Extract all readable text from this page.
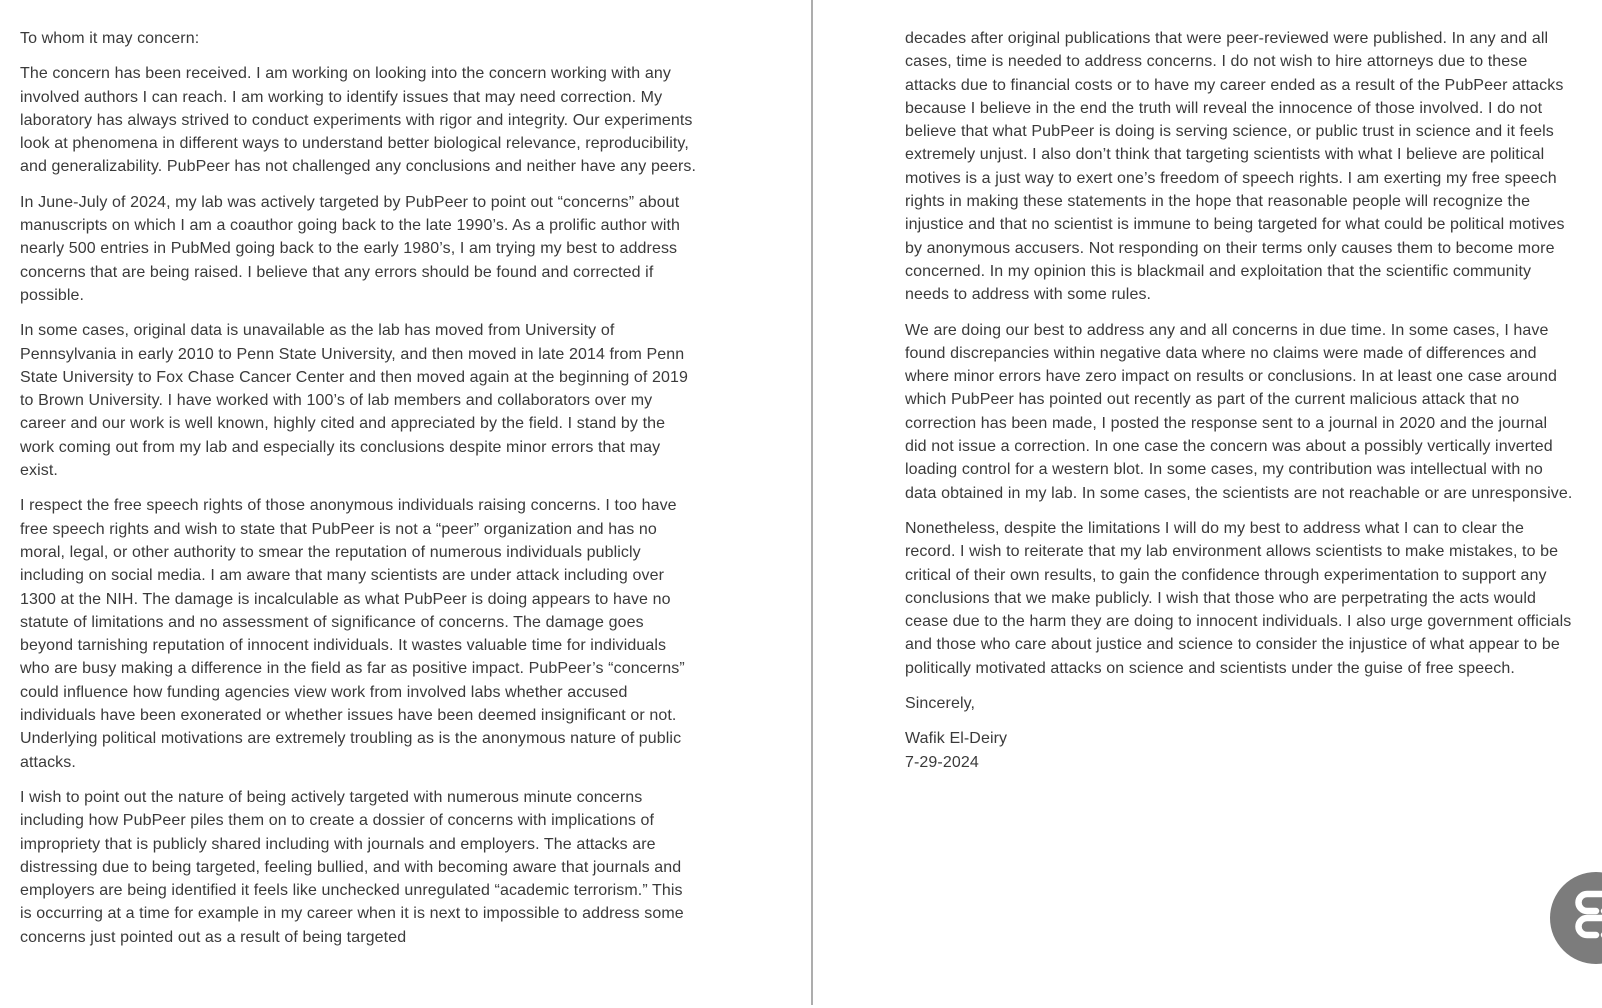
To whom it may concern:

The concern has been received. I am working on looking into the concern working with any involved authors I can reach. I am working to identify issues that may need correction. My laboratory has always strived to conduct experiments with rigor and integrity. Our experiments look at phenomena in different ways to understand better biological relevance, reproducibility, and generalizability. PubPeer has not challenged any conclusions and neither have any peers.

In June-July of 2024, my lab was actively targeted by PubPeer to point out “concerns” about manuscripts on which I am a coauthor going back to the late 1990’s. As a prolific author with nearly 500 entries in PubMed going back to the early 1980’s, I am trying my best to address concerns that are being raised. I believe that any errors should be found and corrected if possible.

In some cases, original data is unavailable as the lab has moved from University of Pennsylvania in early 2010 to Penn State University, and then moved in late 2014 from Penn State University to Fox Chase Cancer Center and then moved again at the beginning of 2019 to Brown University. I have worked with 100’s of lab members and collaborators over my career and our work is well known, highly cited and appreciated by the field. I stand by the work coming out from my lab and especially its conclusions despite minor errors that may exist.

I respect the free speech rights of those anonymous individuals raising concerns. I too have free speech rights and wish to state that PubPeer is not a “peer” organization and has no moral, legal, or other authority to smear the reputation of numerous individuals publicly including on social media. I am aware that many scientists are under attack including over 1300 at the NIH. The damage is incalculable as what PubPeer is doing appears to have no statute of limitations and no assessment of significance of concerns. The damage goes beyond tarnishing reputation of innocent individuals. It wastes valuable time for individuals who are busy making a difference in the field as far as positive impact. PubPeer’s “concerns” could influence how funding agencies view work from involved labs whether accused individuals have been exonerated or whether issues have been deemed insignificant or not. Underlying political motivations are extremely troubling as is the anonymous nature of public attacks.

I wish to point out the nature of being actively targeted with numerous minute concerns including how PubPeer piles them on to create a dossier of concerns with implications of impropriety that is publicly shared including with journals and employers. The attacks are distressing due to being targeted, feeling bullied, and with becoming aware that journals and employers are being identified it feels like unchecked unregulated “academic terrorism.” This is occurring at a time for example in my career when it is next to impossible to address some concerns just pointed out as a result of being targeted

decades after original publications that were peer-reviewed were published. In any and all cases, time is needed to address concerns. I do not wish to hire attorneys due to these attacks due to financial costs or to have my career ended as a result of the PubPeer attacks because I believe in the end the truth will reveal the innocence of those involved. I do not believe that what PubPeer is doing is serving science, or public trust in science and it feels extremely unjust. I also don’t think that targeting scientists with what I believe are political motives is a just way to exert one’s freedom of speech rights. I am exerting my free speech rights in making these statements in the hope that reasonable people will recognize the injustice and that no scientist is immune to being targeted for what could be political motives by anonymous accusers. Not responding on their terms only causes them to become more concerned. In my opinion this is blackmail and exploitation that the scientific community needs to address with some rules.

We are doing our best to address any and all concerns in due time. In some cases, I have found discrepancies within negative data where no claims were made of differences and where minor errors have zero impact on results or conclusions. In at least one case around which PubPeer has pointed out recently as part of the current malicious attack that no correction has been made, I posted the response sent to a journal in 2020 and the journal did not issue a correction. In one case the concern was about a possibly vertically inverted loading control for a western blot. In some cases, my contribution was intellectual with no data obtained in my lab. In some cases, the scientists are not reachable or are unresponsive.

Nonetheless, despite the limitations I will do my best to address what I can to clear the record. I wish to reiterate that my lab environment allows scientists to make mistakes, to be critical of their own results, to gain the confidence through experimentation to support any conclusions that we make publicly. I wish that those who are perpetrating the acts would cease due to the harm they are doing to innocent individuals. I also urge government officials and those who care about justice and science to consider the injustice of what appear to be politically motivated attacks on science and scientists under the guise of free speech.

Sincerely,

Wafik El-Deiry

7-29-2024
